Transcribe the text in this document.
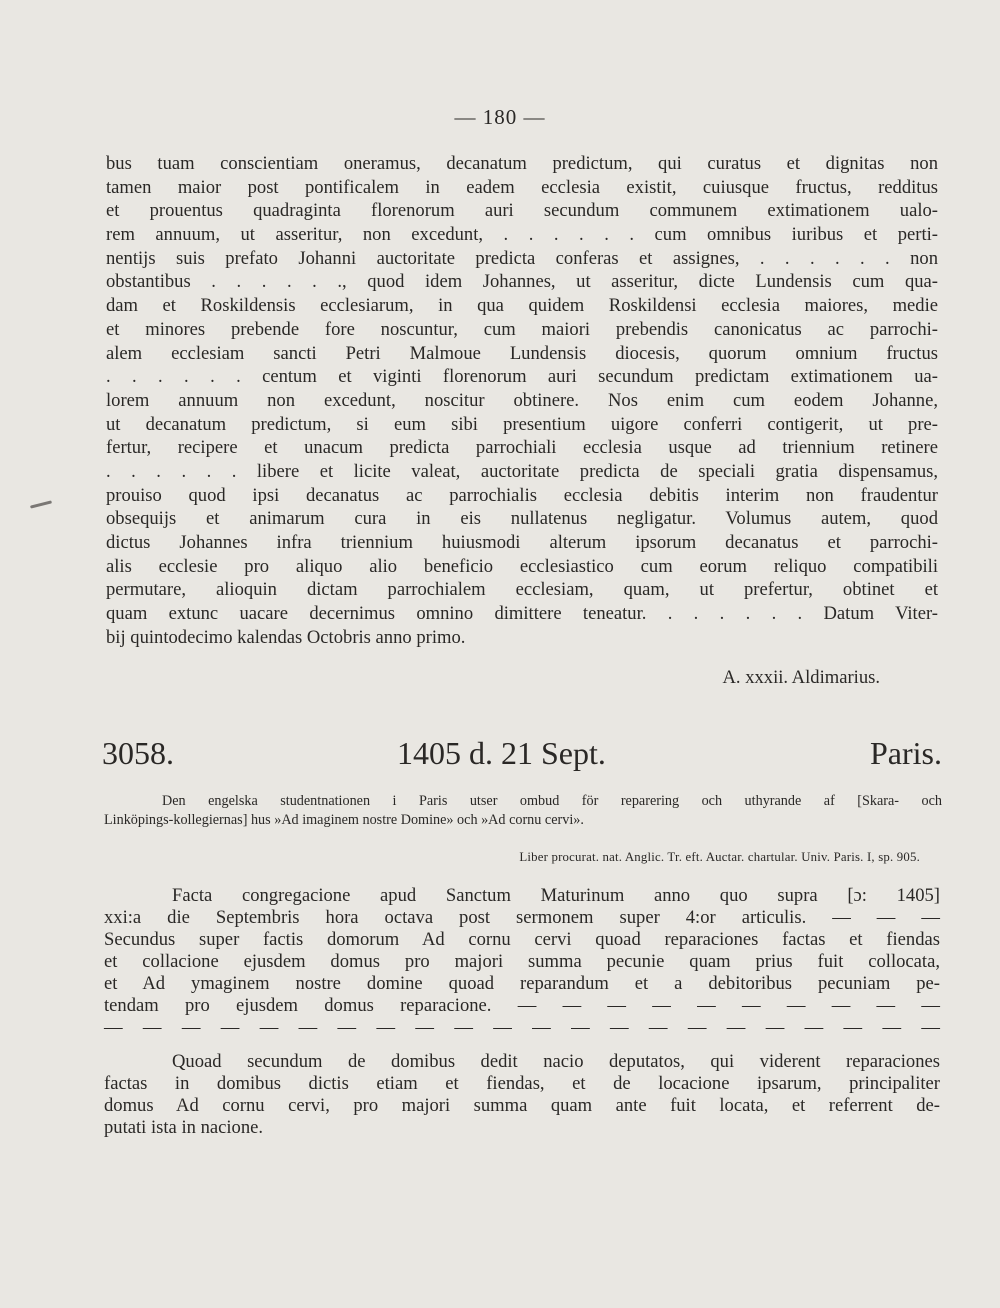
— 180 —
bus tuam conscientiam oneramus, decanatum predictum, qui curatus et dignitas non
tamen maior post pontificalem in eadem ecclesia existit, cuiusque fructus, redditus
et prouentus quadraginta florenorum auri secundum communem extimationem ualo-
rem annuum, ut asseritur, non excedunt, . . . . . . cum omnibus iuribus et perti-
nentijs suis prefato Johanni auctoritate predicta conferas et assignes, . . . . . . non
obstantibus . . . . . ., quod idem Johannes, ut asseritur, dicte Lundensis cum qua-
dam et Roskildensis ecclesiarum, in qua quidem Roskildensi ecclesia maiores, medie
et minores prebende fore noscuntur, cum maiori prebendis canonicatus ac parrochi-
alem ecclesiam sancti Petri Malmoue Lundensis diocesis, quorum omnium fructus
. . . . . . centum et viginti florenorum auri secundum predictam extimationem ua-
lorem annuum non excedunt, noscitur obtinere. Nos enim cum eodem Johanne,
ut decanatum predictum, si eum sibi presentium uigore conferri contigerit, ut pre-
fertur, recipere et unacum predicta parrochiali ecclesia usque ad triennium retinere
. . . . . . libere et licite valeat, auctoritate predicta de speciali gratia dispensamus,
prouiso quod ipsi decanatus ac parrochialis ecclesia debitis interim non fraudentur
obsequijs et animarum cura in eis nullatenus negligatur. Volumus autem, quod
dictus Johannes infra triennium huiusmodi alterum ipsorum decanatus et parrochi-
alis ecclesie pro aliquo alio beneficio ecclesiastico cum eorum reliquo compatibili
permutare, alioquin dictam parrochialem ecclesiam, quam, ut prefertur, obtinet et
quam extunc uacare decernimus omnino dimittere teneatur. . . . . . . Datum Viter-
bij quintodecimo kalendas Octobris anno primo.
A. xxxii. Aldimarius.
3058.	1405 d. 21 Sept.	Paris.
Den engelska studentnationen i Paris utser ombud för reparering och uthyrande af [Skara- och
Linköpings-kollegiernas] hus »Ad imaginem nostre Domine» och »Ad cornu cervi».
Liber procurat. nat. Anglic. Tr. eft. Auctar. chartular. Univ. Paris. I, sp. 905.
Facta congregacione apud Sanctum Maturinum anno quo supra [ɔ: 1405]
xxi:a die Septembris hora octava post sermonem super 4:or articulis. — — —
Secundus super factis domorum Ad cornu cervi quoad reparaciones factas et fiendas
et collacione ejusdem domus pro majori summa pecunie quam prius fuit collocata,
et Ad ymaginem nostre domine quoad reparandum et a debitoribus pecuniam pe-
tendam pro ejusdem domus reparacione. — — — — — — — — — —
— — — — — — — — — — — — — — — — — — — — — —
Quoad secundum de domibus dedit nacio deputatos, qui viderent reparaciones
factas in domibus dictis etiam et fiendas, et de locacione ipsarum, principaliter
domus Ad cornu cervi, pro majori summa quam ante fuit locata, et referrent de-
putati ista in nacione.
